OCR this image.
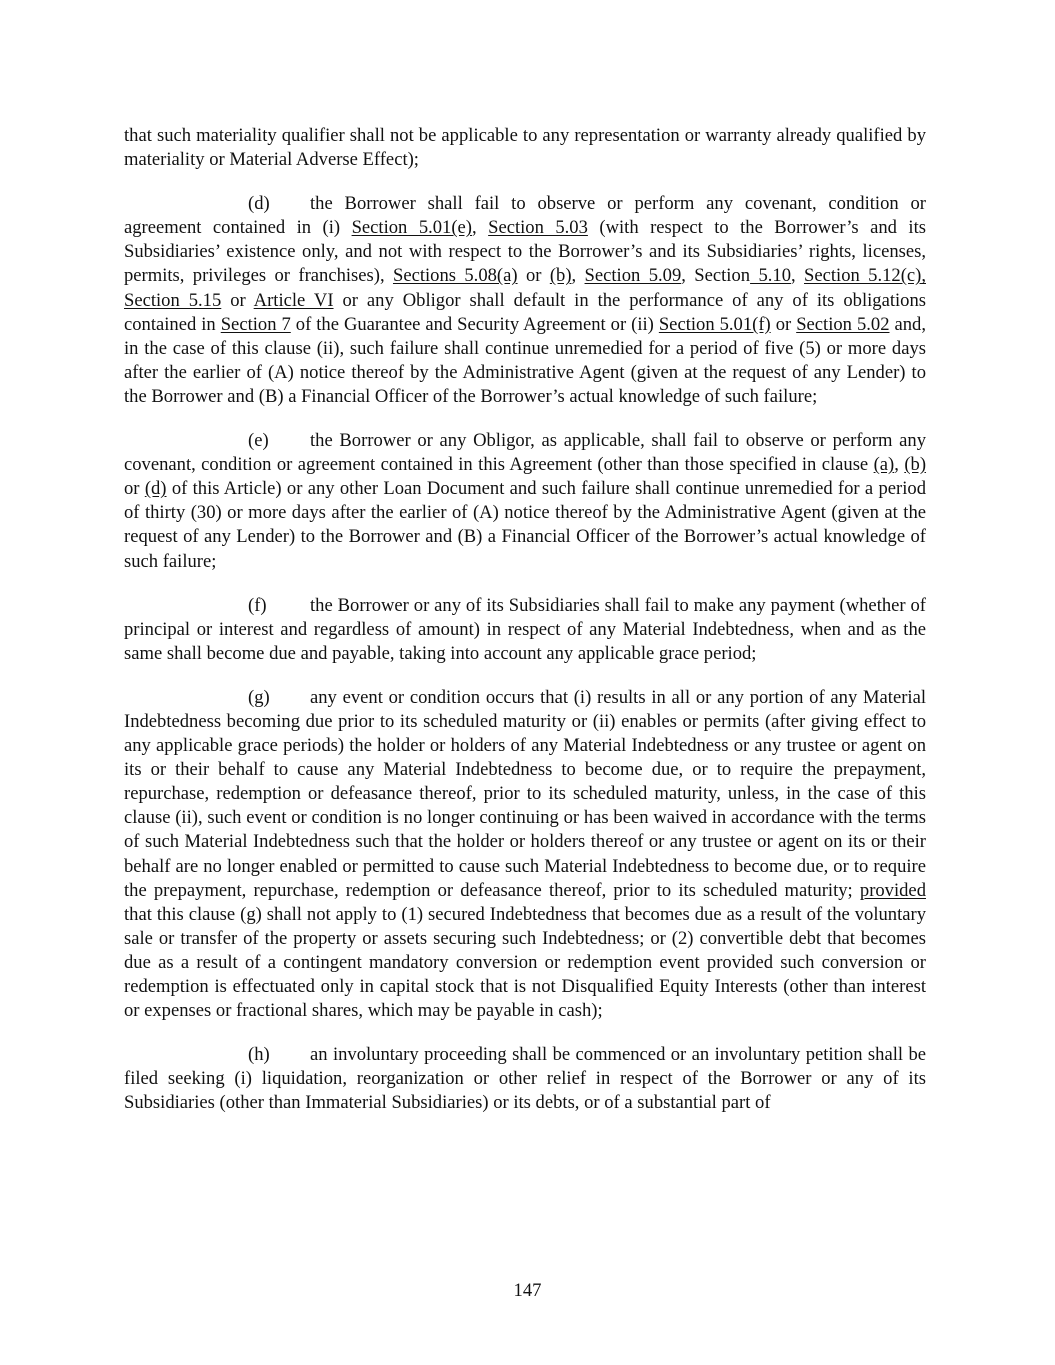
that such materiality qualifier shall not be applicable to any representation or warranty already qualified by materiality or Material Adverse Effect);

(d) the Borrower shall fail to observe or perform any covenant, condition or agreement contained in (i) Section 5.01(e), Section 5.03 (with respect to the Borrower’s and its Subsidiaries’ existence only, and not with respect to the Borrower’s and its Subsidiaries’ rights, licenses, permits, privileges or franchises), Sections 5.08(a) or (b), Section 5.09, Section 5.10, Section 5.12(c), Section 5.15 or Article VI or any Obligor shall default in the performance of any of its obligations contained in Section 7 of the Guarantee and Security Agreement or (ii) Section 5.01(f) or Section 5.02 and, in the case of this clause (ii), such failure shall continue unremedied for a period of five (5) or more days after the earlier of (A) notice thereof by the Administrative Agent (given at the request of any Lender) to the Borrower and (B) a Financial Officer of the Borrower’s actual knowledge of such failure;

(e) the Borrower or any Obligor, as applicable, shall fail to observe or perform any covenant, condition or agreement contained in this Agreement (other than those specified in clause (a), (b) or (d) of this Article) or any other Loan Document and such failure shall continue unremedied for a period of thirty (30) or more days after the earlier of (A) notice thereof by the Administrative Agent (given at the request of any Lender) to the Borrower and (B) a Financial Officer of the Borrower’s actual knowledge of such failure;

(f) the Borrower or any of its Subsidiaries shall fail to make any payment (whether of principal or interest and regardless of amount) in respect of any Material Indebtedness, when and as the same shall become due and payable, taking into account any applicable grace period;

(g) any event or condition occurs that (i) results in all or any portion of any Material Indebtedness becoming due prior to its scheduled maturity or (ii) enables or permits (after giving effect to any applicable grace periods) the holder or holders of any Material Indebtedness or any trustee or agent on its or their behalf to cause any Material Indebtedness to become due, or to require the prepayment, repurchase, redemption or defeasance thereof, prior to its scheduled maturity, unless, in the case of this clause (ii), such event or condition is no longer continuing or has been waived in accordance with the terms of such Material Indebtedness such that the holder or holders thereof or any trustee or agent on its or their behalf are no longer enabled or permitted to cause such Material Indebtedness to become due, or to require the prepayment, repurchase, redemption or defeasance thereof, prior to its scheduled maturity; provided that this clause (g) shall not apply to (1) secured Indebtedness that becomes due as a result of the voluntary sale or transfer of the property or assets securing such Indebtedness; or (2) convertible debt that becomes due as a result of a contingent mandatory conversion or redemption event provided such conversion or redemption is effectuated only in capital stock that is not Disqualified Equity Interests (other than interest or expenses or fractional shares, which may be payable in cash);

(h) an involuntary proceeding shall be commenced or an involuntary petition shall be filed seeking (i) liquidation, reorganization or other relief in respect of the Borrower or any of its Subsidiaries (other than Immaterial Subsidiaries) or its debts, or of a substantial part of

147
